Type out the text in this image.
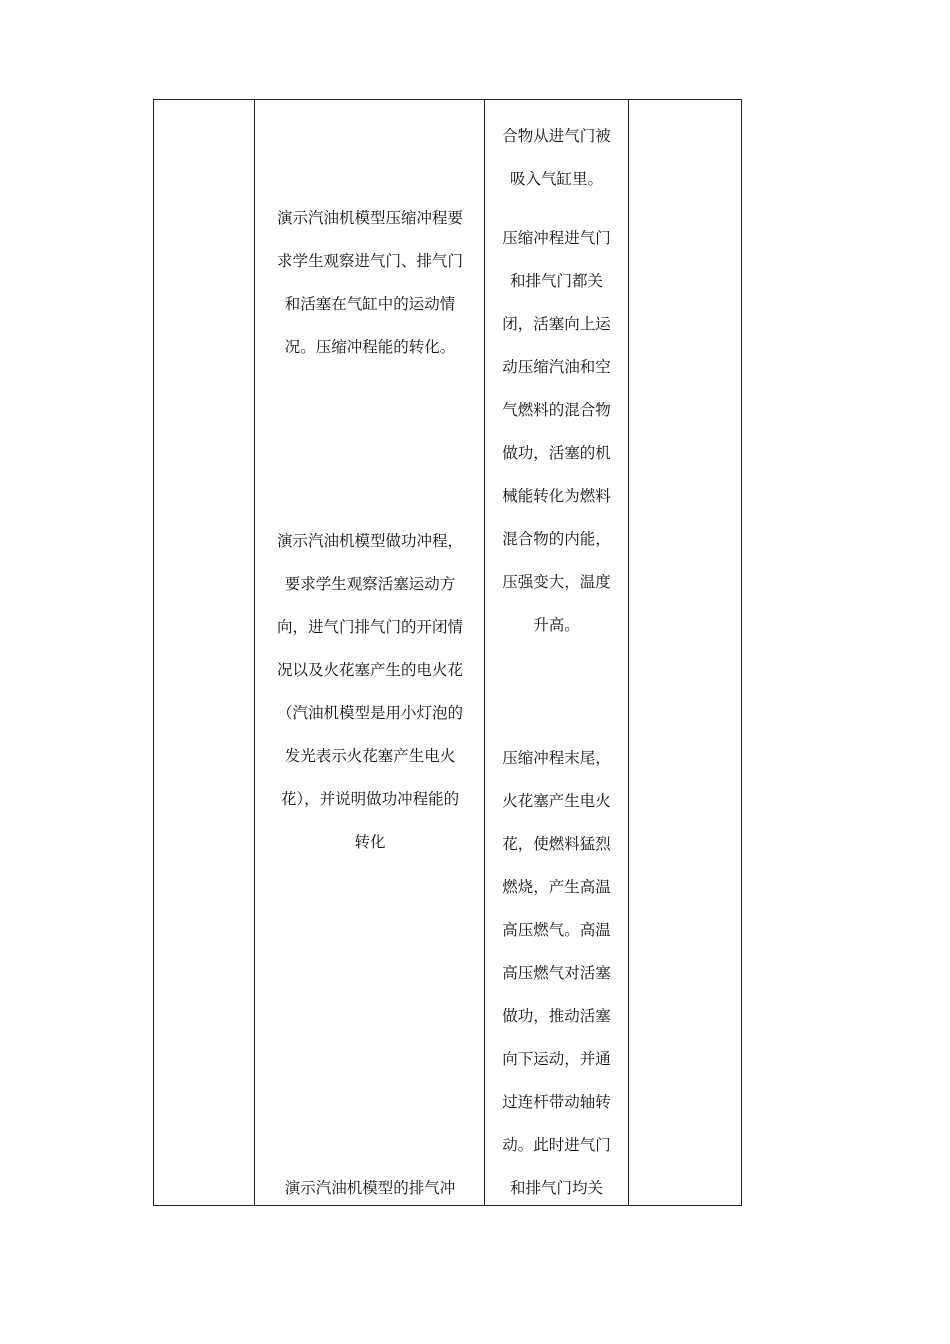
演示汽油机模型压缩冲程要
求学生观察进气门、排气门
和活塞在气缸中的运动情
况。压缩冲程能的转化。
演示汽油机模型做功冲程，
要求学生观察活塞运动方
向，进气门排气门的开闭情
况以及火花塞产生的电火花
（汽油机模型是用小灯泡的
发光表示火花塞产生电火
花），并说明做功冲程能的
转化
演示汽油机模型的排气冲
合物从进气门被
吸入气缸里。
压缩冲程进气门
和排气门都关
闭，活塞向上运
动压缩汽油和空
气燃料的混合物
做功，活塞的机
械能转化为燃料
混合物的内能，
压强变大，温度
升高。
压缩冲程末尾，
火花塞产生电火
花，使燃料猛烈
燃烧，产生高温
高压燃气。高温
高压燃气对活塞
做功，推动活塞
向下运动，并通
过连杆带动轴转
动。此时进气门
和排气门均关
